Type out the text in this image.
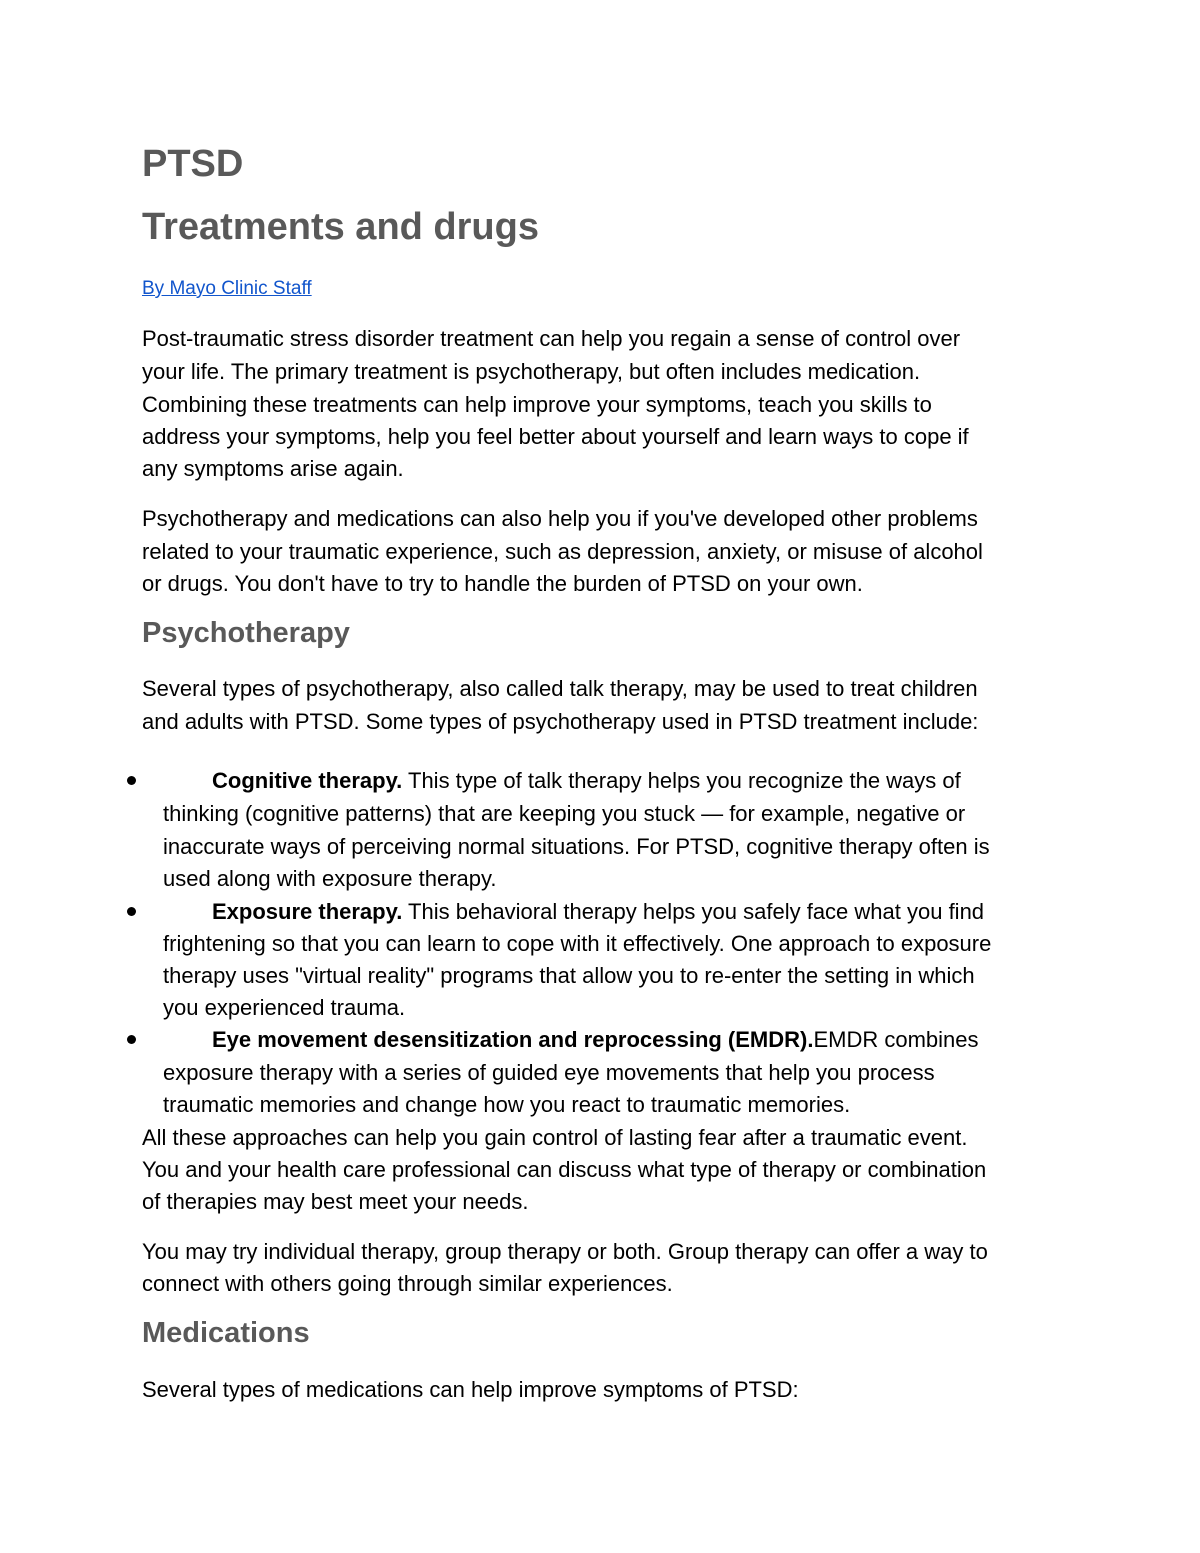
PTSD
Treatments and drugs
By Mayo Clinic Staff
Post-traumatic stress disorder treatment can help you regain a sense of control over
your life. The primary treatment is psychotherapy, but often includes medication.
Combining these treatments can help improve your symptoms, teach you skills to
address your symptoms, help you feel better about yourself and learn ways to cope if
any symptoms arise again.
Psychotherapy and medications can also help you if you've developed other problems
related to your traumatic experience, such as depression, anxiety, or misuse of alcohol
or drugs. You don't have to try to handle the burden of PTSD on your own.
Psychotherapy
Several types of psychotherapy, also called talk therapy, may be used to treat children
and adults with PTSD. Some types of psychotherapy used in PTSD treatment include:
Cognitive therapy. This type of talk therapy helps you recognize the ways of
thinking (cognitive patterns) that are keeping you stuck — for example, negative or
inaccurate ways of perceiving normal situations. For PTSD, cognitive therapy often is
used along with exposure therapy.
Exposure therapy. This behavioral therapy helps you safely face what you find
frightening so that you can learn to cope with it effectively. One approach to exposure
therapy uses "virtual reality" programs that allow you to re-enter the setting in which
you experienced trauma.
Eye movement desensitization and reprocessing (EMDR).EMDR combines
exposure therapy with a series of guided eye movements that help you process
traumatic memories and change how you react to traumatic memories.
All these approaches can help you gain control of lasting fear after a traumatic event.
You and your health care professional can discuss what type of therapy or combination
of therapies may best meet your needs.
You may try individual therapy, group therapy or both. Group therapy can offer a way to
connect with others going through similar experiences.
Medications
Several types of medications can help improve symptoms of PTSD:
